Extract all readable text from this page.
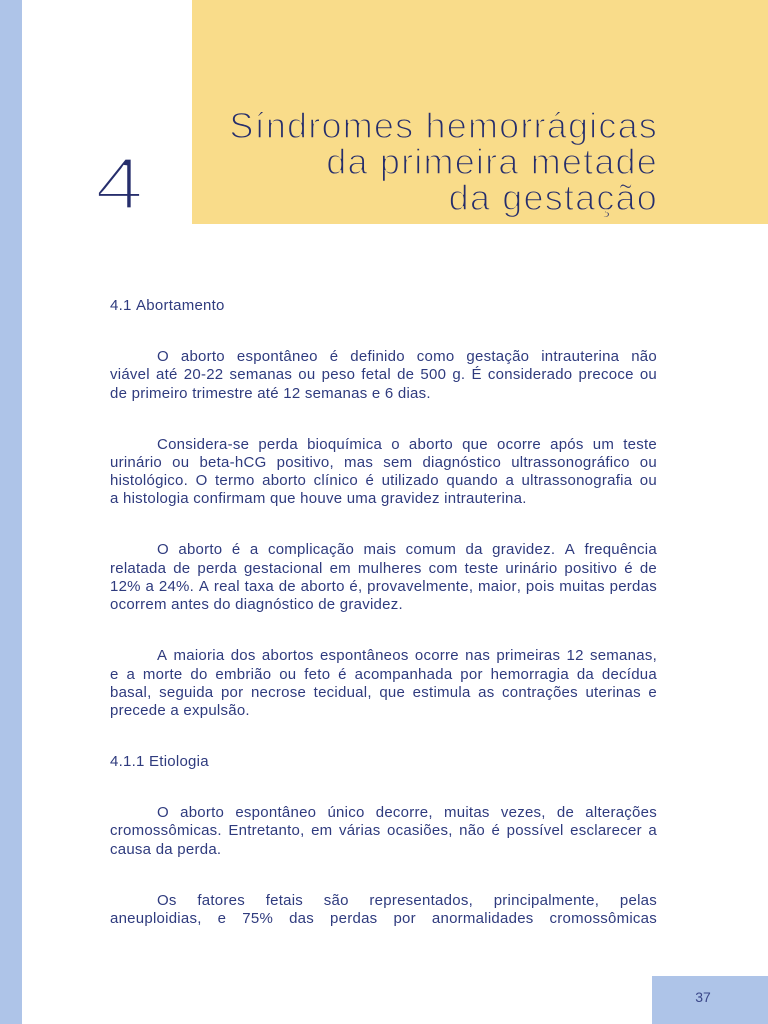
4
Síndromes hemorrágicas
da primeira metade
da gestação
4.1 Abortamento
O aborto espontâneo é definido como gestação intrauterina não
viável até 20-22 semanas ou peso fetal de 500 g. É considerado precoce ou
de primeiro trimestre até 12 semanas e 6 dias.
Considera-se perda bioquímica o aborto que ocorre após um teste
urinário ou beta-hCG positivo, mas sem diagnóstico ultrassonográfico ou
histológico. O termo aborto clínico é utilizado quando a ultrassonografia ou
a histologia confirmam que houve uma gravidez intrauterina.
O aborto é a complicação mais comum da gravidez. A frequência
relatada de perda gestacional em mulheres com teste urinário positivo é de
12% a 24%. A real taxa de aborto é, provavelmente, maior, pois muitas perdas
ocorrem antes do diagnóstico de gravidez.
A maioria dos abortos espontâneos ocorre nas primeiras 12 semanas,
e a morte do embrião ou feto é acompanhada por hemorragia da decídua
basal, seguida por necrose tecidual, que estimula as contrações uterinas e
precede a expulsão.
4.1.1 Etiologia
O aborto espontâneo único decorre, muitas vezes, de alterações
cromossômicas. Entretanto, em várias ocasiões, não é possível esclarecer a
causa da perda.
Os fatores fetais são representados, principalmente, pelas
aneuploidias, e 75% das perdas por anormalidades cromossômicas
37
